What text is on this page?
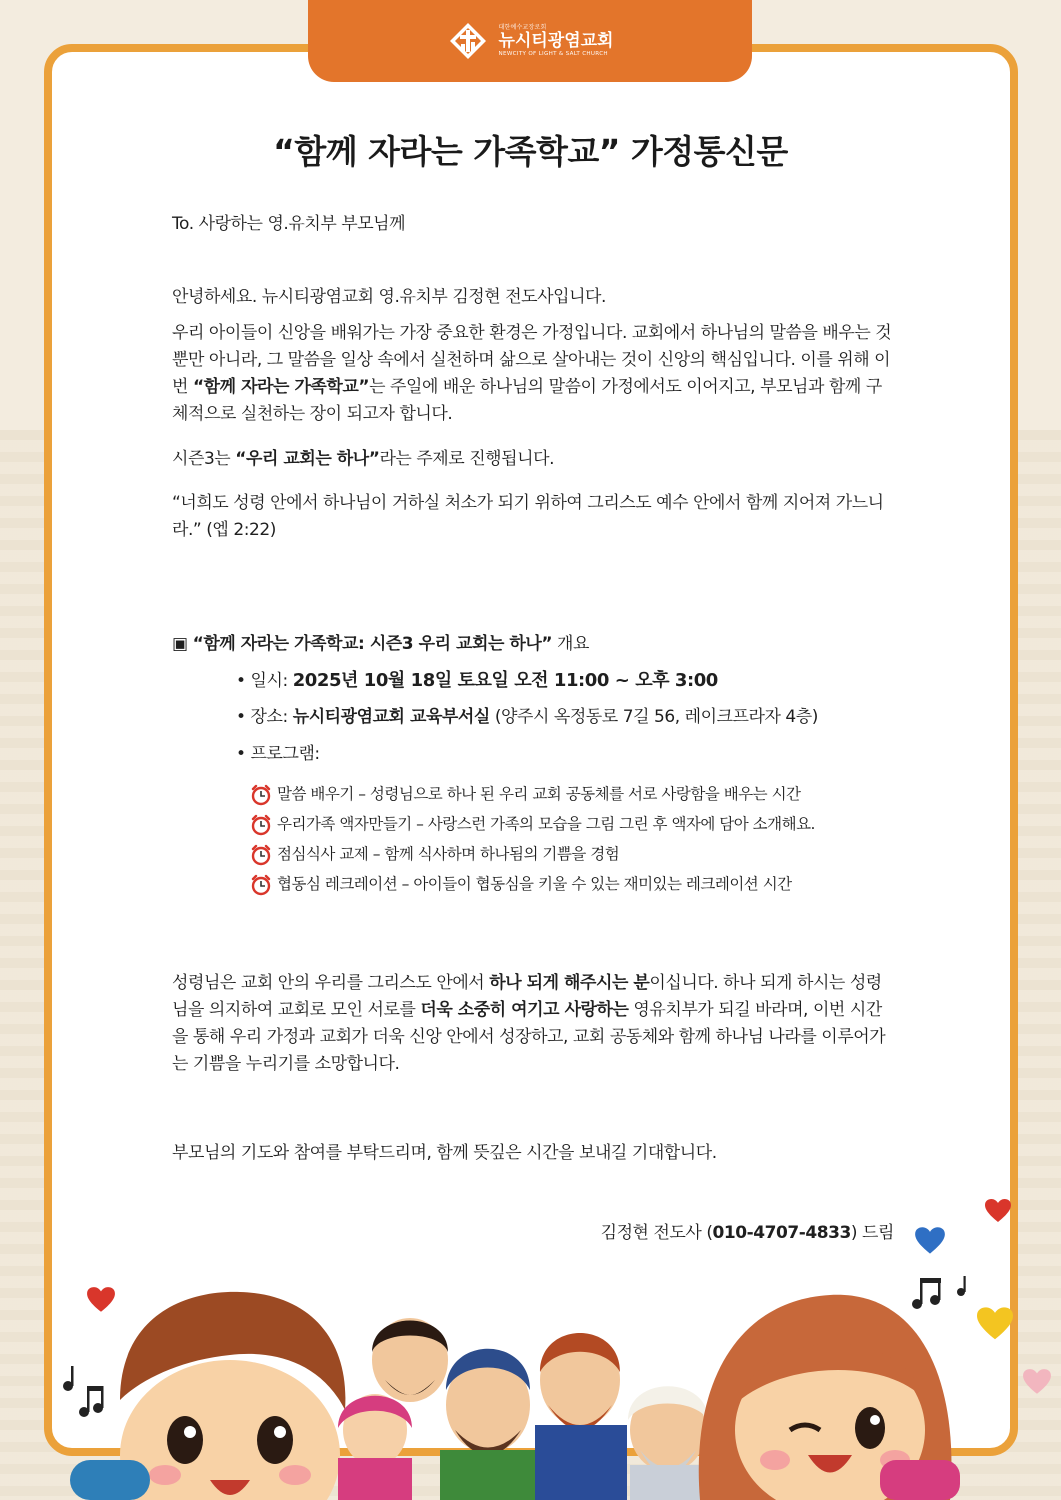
대한예수교장로회
뉴시티광염교회
NEWCITY OF LIGHT & SALT CHURCH
“함께 자라는 가족학교” 가정통신문

To. 사랑하는 영.유치부 부모님께

안녕하세요. 뉴시티광염교회 영.유치부 김정현 전도사입니다.

우리 아이들이 신앙을 배워가는 가장 중요한 환경은 가정입니다. 교회에서 하나님의 말씀을 배우는 것뿐만 아니라, 그 말씀을 일상 속에서 실천하며 삶으로 살아내는 것이 신앙의 핵심입니다. 이를 위해 이번 “함께 자라는 가족학교”는 주일에 배운 하나님의 말씀이 가정에서도 이어지고, 부모님과 함께 구체적으로 실천하는 장이 되고자 합니다.

시즌3는 “우리 교회는 하나”라는 주제로 진행됩니다.

“너희도 성령 안에서 하나님이 거하실 처소가 되기 위하여 그리스도 예수 안에서 함께 지어져 가느니라.” (엡 2:22)

▣ “함께 자라는 가족학교: 시즌3 우리 교회는 하나” 개요
• 일시: 2025년 10월 18일 토요일 오전 11:00 ~ 오후 3:00
• 장소: 뉴시티광염교회 교육부서실 (양주시 옥정동로 7길 56, 레이크프라자 4층)
• 프로그램:
말씀 배우기 – 성령님으로 하나 된 우리 교회 공동체를 서로 사랑함을 배우는 시간
우리가족 액자만들기 – 사랑스런 가족의 모습을 그림 그린 후 액자에 담아 소개해요.
점심식사 교제 – 함께 식사하며 하나됨의 기쁨을 경험
협동심 레크레이션 – 아이들이 협동심을 키울 수 있는 재미있는 레크레이션 시간

성령님은 교회 안의 우리를 그리스도 안에서 하나 되게 해주시는 분이십니다. 하나 되게 하시는 성령님을 의지하여 교회로 모인 서로를 더욱 소중히 여기고 사랑하는 영유치부가 되길 바라며, 이번 시간을 통해 우리 가정과 교회가 더욱 신앙 안에서 성장하고, 교회 공동체와 함께 하나님 나라를 이루어가는 기쁨을 누리기를 소망합니다.

부모님의 기도와 참여를 부탁드리며, 함께 뜻깊은 시간을 보내길 기대합니다.

김정현 전도사 (010-4707-4833) 드림
